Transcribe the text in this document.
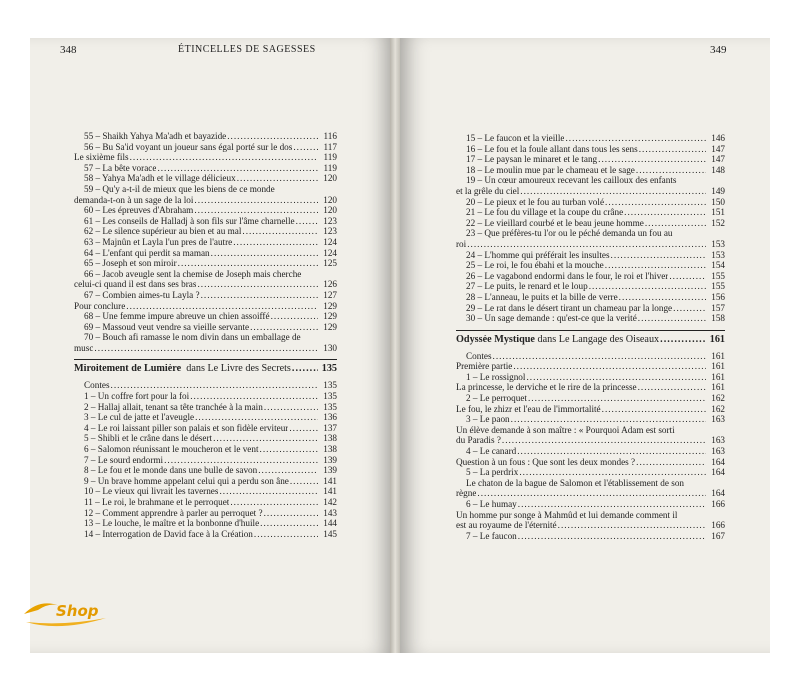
348	ÉTINCELLES DE SAGESSES	349
55 – Shaikh Yahya Ma'adh et bayazide .....	116
56 – Bu Sa'id voyant un joueur sans égal porté sur le dos .....	117
Le sixième fils .....	119
57 – La bête vorace .....	119
58 – Yahya Ma'adh et le village délicieux .....	120
59 – Qu'y a-t-il de mieux que les biens de ce monde
demanda-t-on à un sage de la loi .....	120
60 – Les épreuves d'Abraham .....	120
61 – Les conseils de Halladj à son fils sur l'âme charnelle .....	123
62 – Le silence supérieur au bien et au mal .....	123
63 – Majnûn et Layla l'un pres de l'autre .....	124
64 – L'enfant qui perdit sa maman .....	124
65 – Joseph et son miroir .....	125
66 – Jacob aveugle sent la chemise de Joseph mais cherche
celui-ci quand il est dans ses bras .....	126
67 – Combien aimes-tu Layla ? .....	127
Pour conclure .....	129
68 – Une femme impure abreuve un chien assoiffé .....	129
69 – Massoud veut vendre sa vieille servante .....	129
70 – Bouch afi ramasse le nom divin dans un emballage de
musc .....	130
Miroitement de Lumière dans Le Livre des Secrets .....	135
Contes .....	135
1 – Un coffre fort pour la foi .....	135
2 – Hallaj allait, tenant sa tête tranchée à la main .....	135
3 – Le cul de jatte et l'aveugle .....	136
4 – Le roi laissant piller son palais et son fidèle erviteur .....	137
5 – Shibli et le crâne dans le désert .....	138
6 – Salomon réunissant le moucheron et le vent .....	138
7 – Le sourd endormi .....	139
8 – Le fou et le monde dans une bulle de savon .....	139
9 – Un brave homme appelant celui qui a perdu son âne .....	141
10 – Le vieux qui livrait les tavernes .....	141
11 – Le roi, le brahmane et le perroquet .....	142
12 – Comment apprendre à parler au perroquet ? .....	143
13 – Le louche, le maître et la bonbonne d'huile .....	144
14 – Interrogation de David face à la Création .....	145
15 – Le faucon et la vieille .....	146
16 – Le fou et la foule allant dans tous les sens .....	147
17 – Le paysan le minaret et le tang .....	147
18 – Le moulin mue par le chameau et le sage .....	148
19 – Un cœur amoureux recevant les cailloux des enfants
et la grêle du ciel .....	149
20 – Le pieux et le fou au turban volé .....	150
21 – Le fou du village et la coupe du crâne .....	151
22 – Le vieillard courbé et le beau jeune homme .....	152
23 – Que préfères-tu l'or ou le péché demanda un fou au
roi .....	153
24 – L'homme qui préférait les insultes .....	153
25 – Le roi, le fou ébahi et la mouche .....	154
26 – Le vagabond endormi dans le four, le roi et l'hiver .....	155
27 – Le puits, le renard et le loup .....	155
28 – L'anneau, le puits et la bille de verre .....	156
29 – Le rat dans le désert tirant un chameau par la longe .....	157
30 – Un sage demande : qu'est-ce que la verité .....	158
Odyssée Mystique dans Le Langage des Oiseaux .....	161
Contes .....	161
Première partie .....	161
1 – Le rossignol .....	161
La princesse, le derviche et le rire de la princesse .....	161
2 – Le perroquet .....	162
Le fou, le zhizr et l'eau de l'immortalité .....	162
3 – Le paon .....	163
Un élève demande à son maître : « Pourquoi Adam est sorti
du Paradis ? .....	163
4 – Le canard .....	163
Question à un fous : Que sont les deux mondes ? .....	164
5 – La perdrix .....	164
Le chaton de la bague de Salomon et l'établissement de son
règne .....	164
6 – Le humay .....	166
Un homme pur songe à Mahmûd et lui demande comment il
est au royaume de l'éternité .....	166
7 – Le faucon .....	167
Shop
